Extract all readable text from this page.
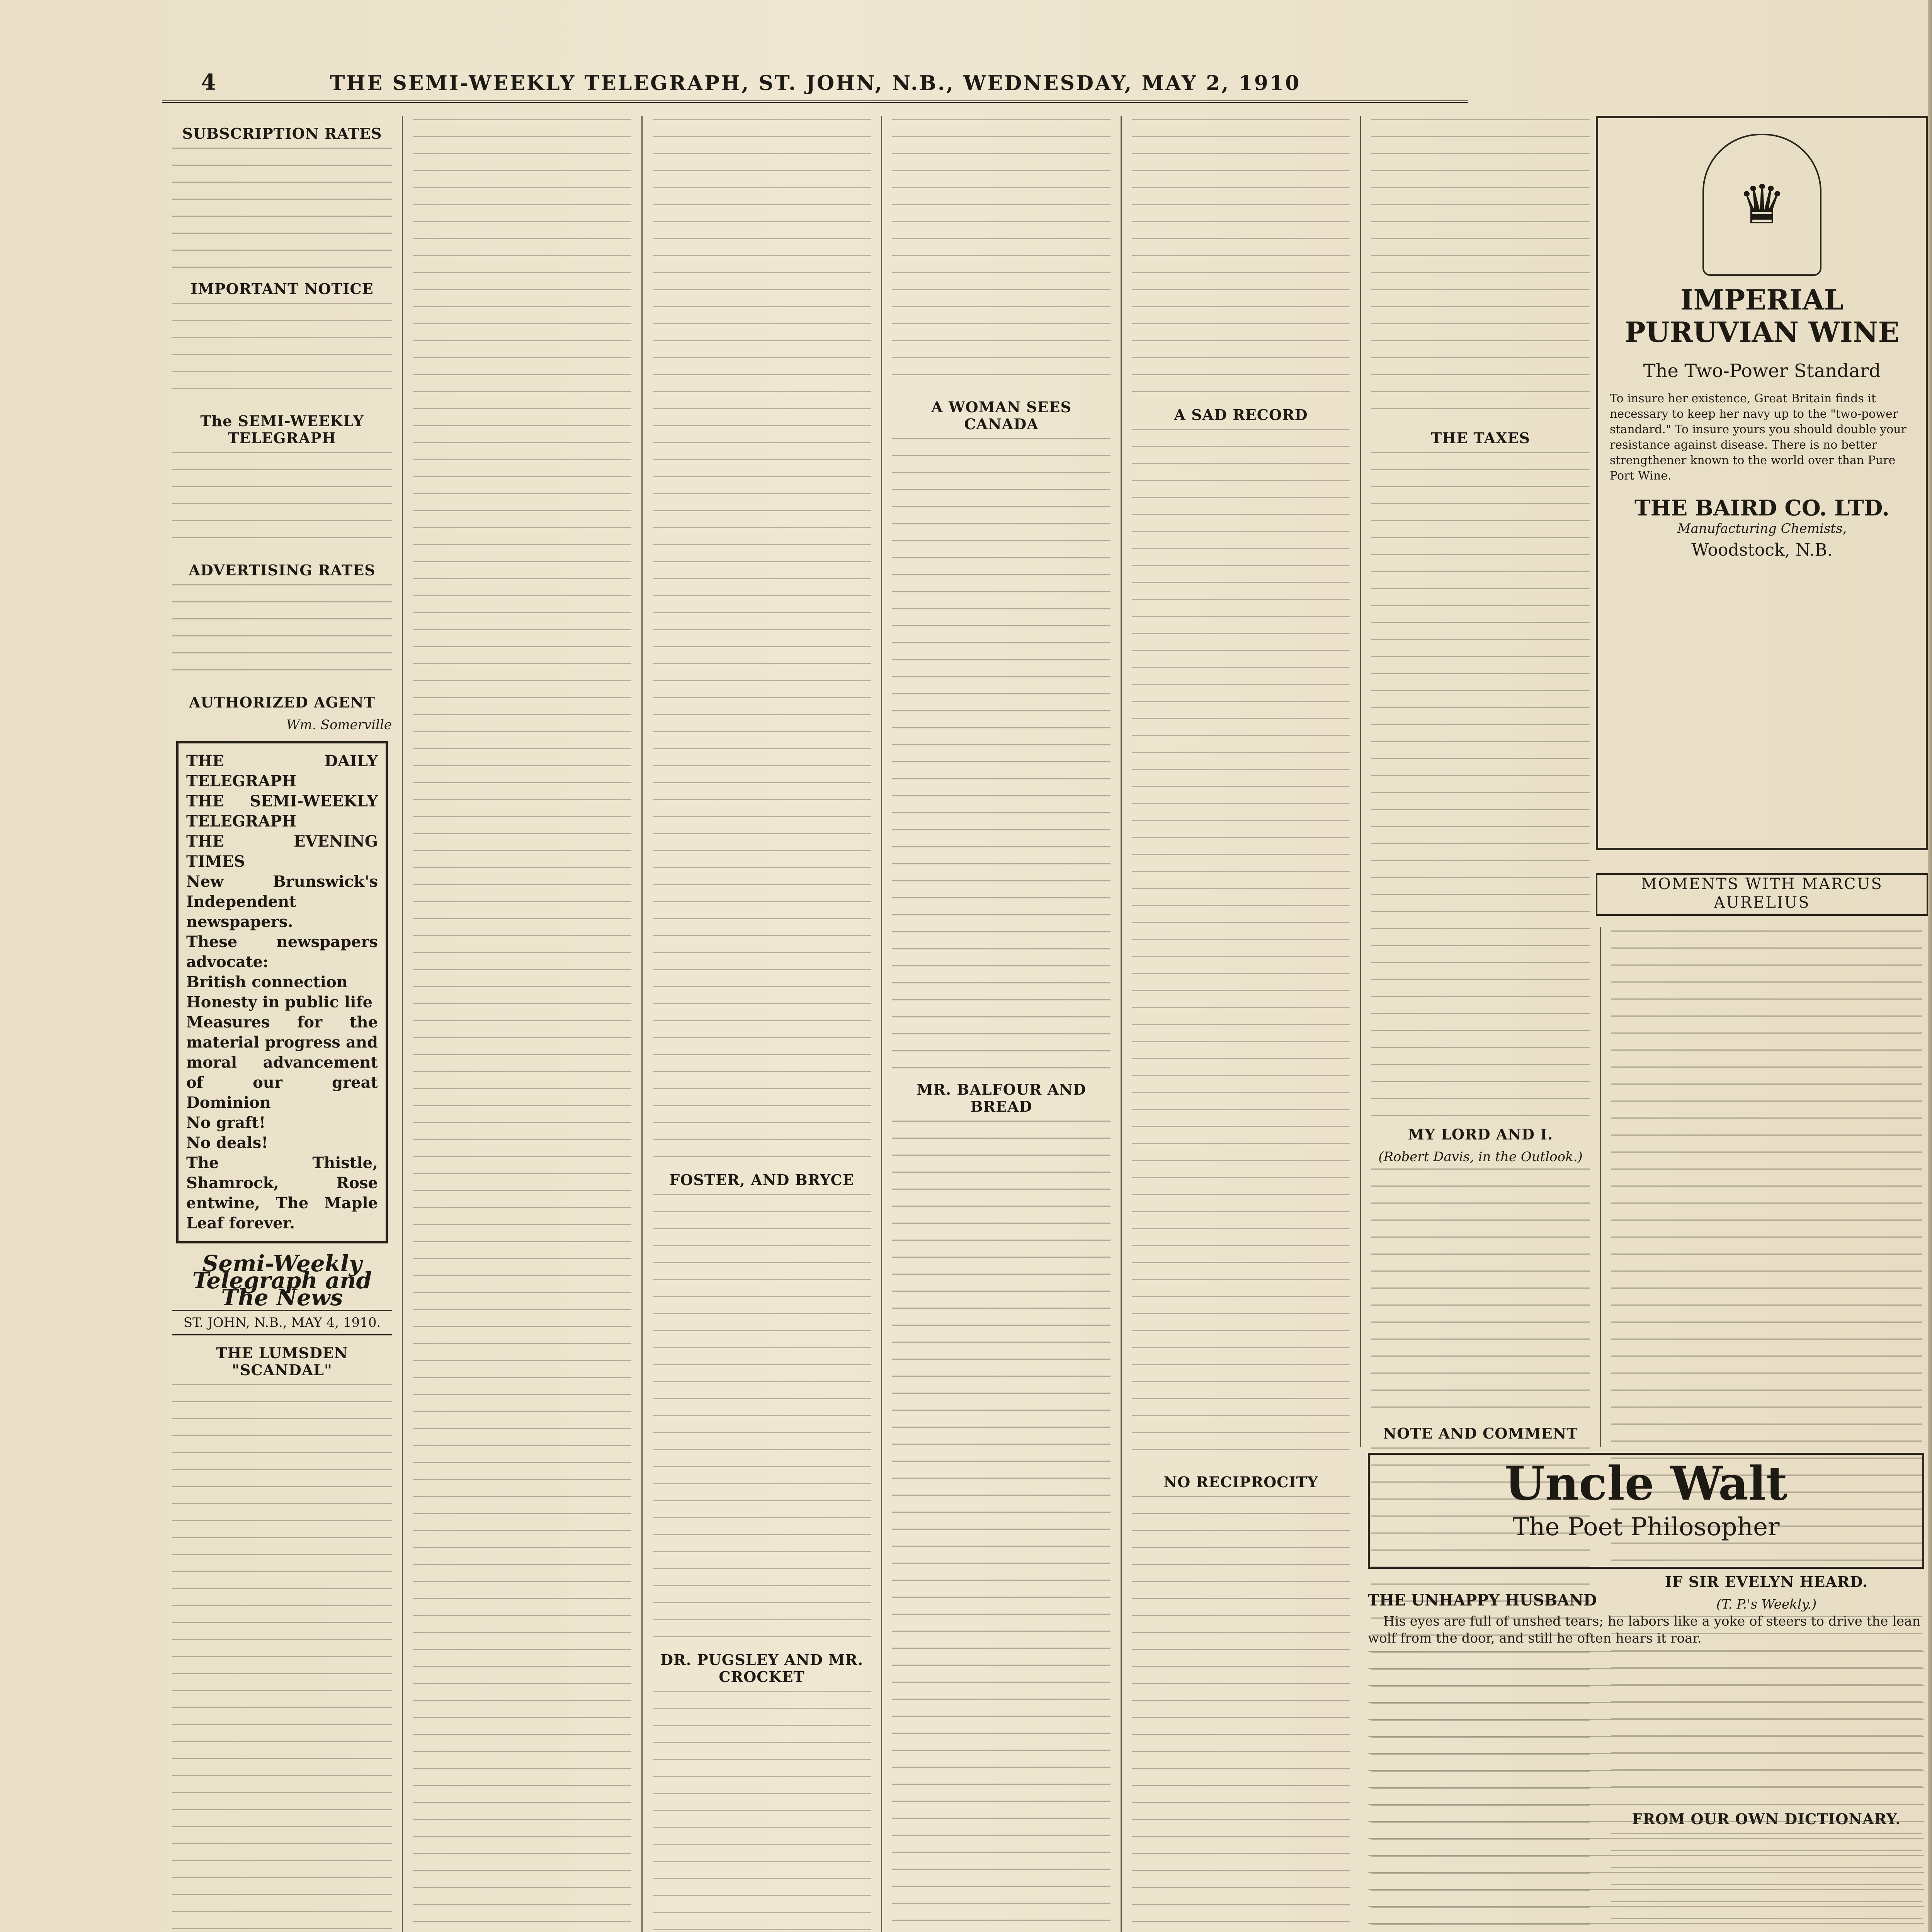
4	THE SEMI-WEEKLY TELEGRAPH, ST. JOHN, N.B., WEDNESDAY, MAY 2, 1910
SUBSCRIPTION RATES
IMPORTANT NOTICE
The SEMI-WEEKLY TELEGRAPH
ADVERTISING RATES
AUTHORIZED AGENT
Wm. Somerville
THE DAILY TELEGRAPH
THE SEMI-WEEKLY TELEGRAPH
THE EVENING TIMES
New Brunswick's Independent newspapers.
These newspapers advocate:
British connection
Honesty in public life
Measures for the material progress and moral advancement of our great Dominion
No graft!
No deals!
The Thistle, Shamrock, Rose entwine, The Maple Leaf forever.
Semi-Weekly Telegraph and The News
ST. JOHN, N.B., MAY 4, 1910.
THE LUMSDEN "SCANDAL"
FOSTER, AND BRYCE
DR. PUGSLEY AND MR. CROCKET
A WOMAN SEES CANADA
MR. BALFOUR AND BREAD
A SAD RECORD
NO RECIPROCITY
THE TAXES
MY LORD AND I.
(Robert Davis, in the Outlook.)
NOTE AND COMMENT
IF SIR EVELYN HEARD.
(T. P.'s Weekly.)
FROM OUR OWN DICTIONARY.
♛
IMPERIAL PURUVIAN WINE
The Two-Power Standard
To insure her existence, Great Britain finds it necessary to keep her navy up to the "two-power standard." To insure yours you should double your resistance against disease. There is no better strengthener known to the world over than Pure Port Wine.
THE BAIRD CO. LTD.
Manufacturing Chemists,
Woodstock, N.B.
MOMENTS WITH MARCUS AURELIUS
Uncle Walt
The Poet Philosopher
THE UNHAPPY HUSBAND

His eyes are full of unshed tears; he labors like a yoke of steers to drive the lean wolf from the door, and still he often hears it roar.
